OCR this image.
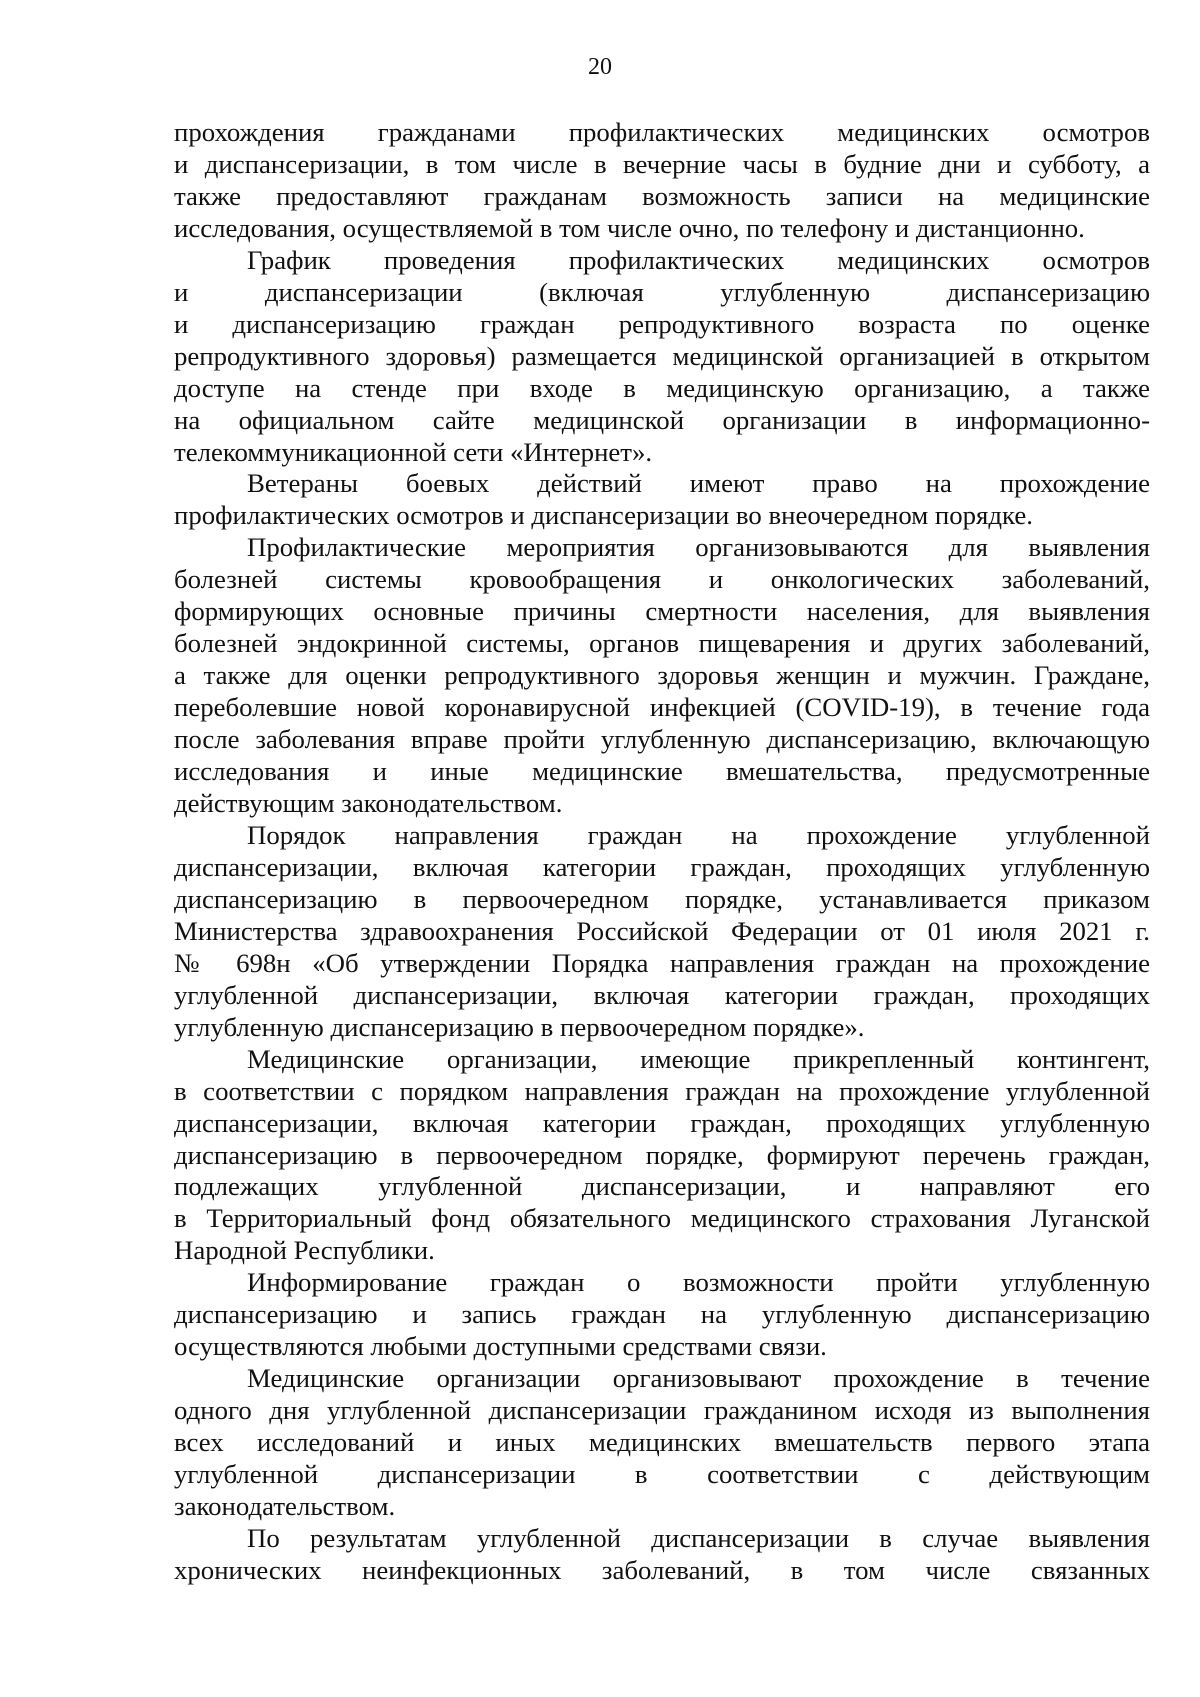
20
прохождения гражданами профилактических медицинских осмотров
и диспансеризации, в том числе в вечерние часы в будние дни и субботу, а
также предоставляют гражданам возможность записи на медицинские
исследования, осуществляемой в том числе очно, по телефону и дистанционно.
График проведения профилактических медицинских осмотров
и диспансеризации (включая углубленную диспансеризацию
и диспансеризацию граждан репродуктивного возраста по оценке
репродуктивного здоровья) размещается медицинской организацией в открытом
доступе на стенде при входе в медицинскую организацию, а также
на официальном сайте медицинской организации в информационно-
телекоммуникационной сети «Интернет».
Ветераны боевых действий имеют право на прохождение
профилактических осмотров и диспансеризации во внеочередном порядке.
Профилактические мероприятия организовываются для выявления
болезней системы кровообращения и онкологических заболеваний,
формирующих основные причины смертности населения, для выявления
болезней эндокринной системы, органов пищеварения и других заболеваний,
а также для оценки репродуктивного здоровья женщин и мужчин. Граждане,
переболевшие новой коронавирусной инфекцией (COVID-19), в течение года
после заболевания вправе пройти углубленную диспансеризацию, включающую
исследования и иные медицинские вмешательства, предусмотренные
действующим законодательством.
Порядок направления граждан на прохождение углубленной
диспансеризации, включая категории граждан, проходящих углубленную
диспансеризацию в первоочередном порядке, устанавливается приказом
Министерства здравоохранения Российской Федерации от 01 июля 2021 г.
№ 698н «Об утверждении Порядка направления граждан на прохождение
углубленной диспансеризации, включая категории граждан, проходящих
углубленную диспансеризацию в первоочередном порядке».
Медицинские организации, имеющие прикрепленный контингент,
в соответствии с порядком направления граждан на прохождение углубленной
диспансеризации, включая категории граждан, проходящих углубленную
диспансеризацию в первоочередном порядке, формируют перечень граждан,
подлежащих углубленной диспансеризации, и направляют его
в Территориальный фонд обязательного медицинского страхования Луганской
Народной Республики.
Информирование граждан о возможности пройти углубленную
диспансеризацию и запись граждан на углубленную диспансеризацию
осуществляются любыми доступными средствами связи.
Медицинские организации организовывают прохождение в течение
одного дня углубленной диспансеризации гражданином исходя из выполнения
всех исследований и иных медицинских вмешательств первого этапа
углубленной диспансеризации в соответствии с действующим
законодательством.
По результатам углубленной диспансеризации в случае выявления
хронических неинфекционных заболеваний, в том числе связанных
